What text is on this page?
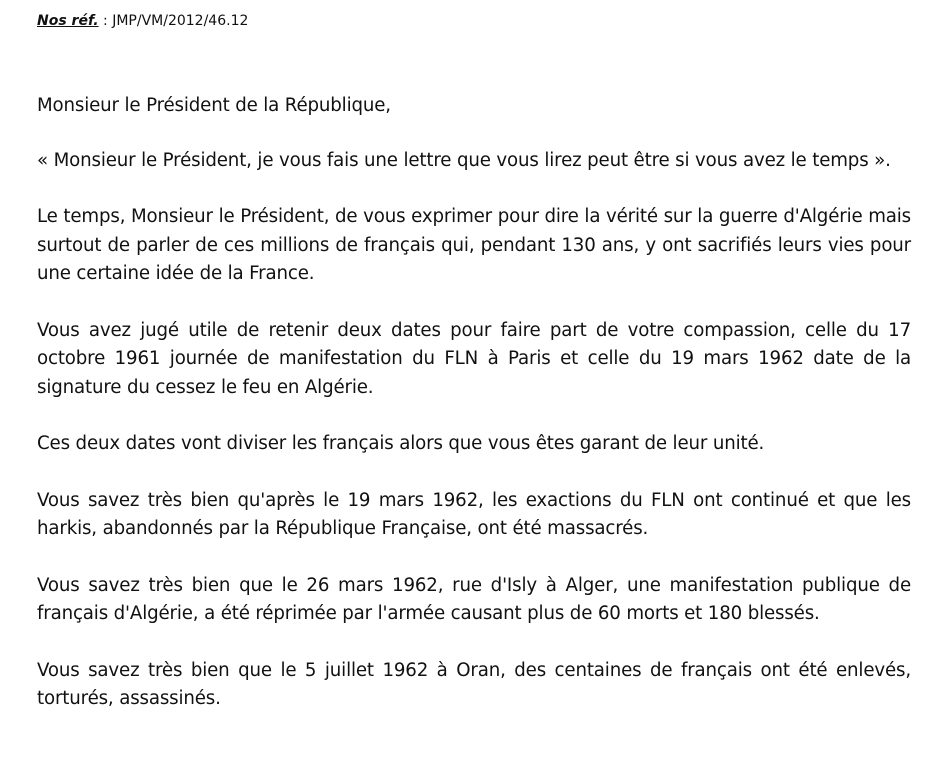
Nos réf. : JMP/VM/2012/46.12

Monsieur le Président de la République,

« Monsieur le Président, je vous fais une lettre que vous lirez peut être si vous avez le temps ».

Le temps, Monsieur le Président, de vous exprimer pour dire la vérité sur la guerre d'Algérie mais surtout de parler de ces millions de français qui, pendant 130 ans, y ont sacrifiés leurs vies pour une certaine idée de la France.

Vous avez jugé utile de retenir deux dates pour faire part de votre compassion, celle du 17 octobre 1961 journée de manifestation du FLN à Paris et celle du 19 mars 1962 date de la signature du cessez le feu en Algérie.

Ces deux dates vont diviser les français alors que vous êtes garant de leur unité.

Vous savez très bien qu'après le 19 mars 1962, les exactions du FLN ont continué et que les harkis, abandonnés par la République Française, ont été massacrés.

Vous savez très bien que le 26 mars 1962, rue d'Isly à Alger, une manifestation publique de français d'Algérie, a été réprimée par l'armée causant plus de 60 morts et 180 blessés.

Vous savez très bien que le 5 juillet 1962 à Oran, des centaines de français ont été enlevés, torturés, assassinés.
